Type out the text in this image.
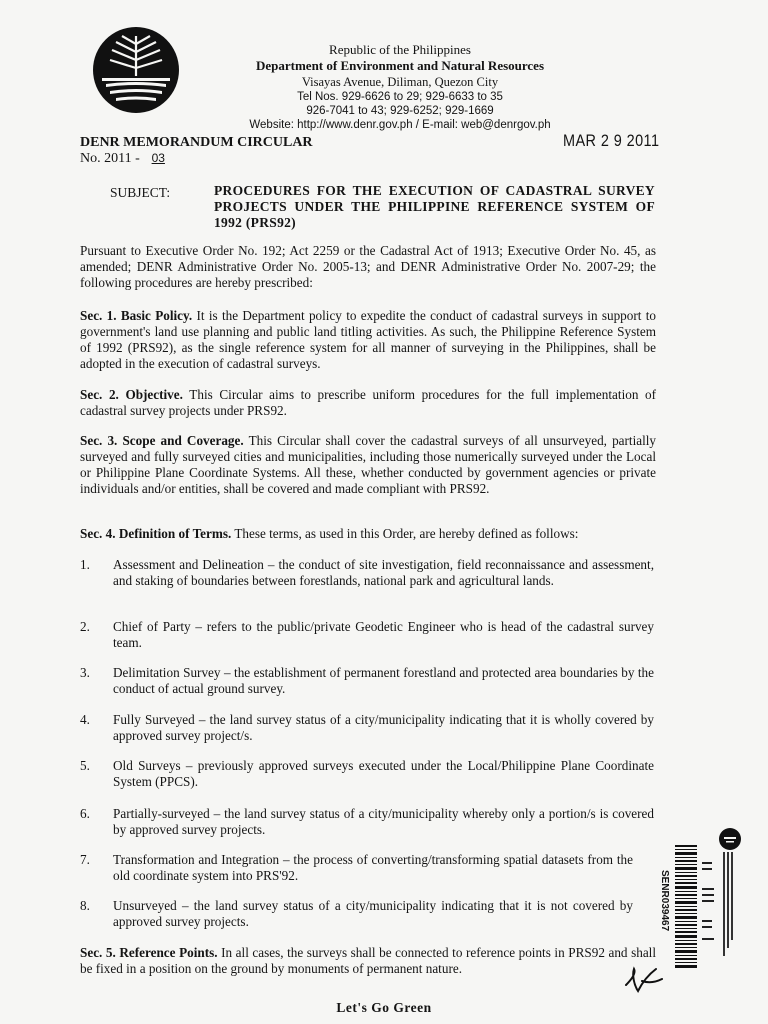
Republic of the Philippines
Department of Environment and Natural Resources
Visayas Avenue, Diliman, Quezon City
Tel Nos. 929-6626 to 29; 929-6633 to 35
926-7041 to 43; 929-6252; 929-1669
Website: http://www.denr.gov.ph / E-mail: web@denrgov.ph
DENR MEMORANDUM CIRCULAR
No. 2011 - 03
MAR 2 9 2011
SUBJECT:	PROCEDURES FOR THE EXECUTION OF CADASTRAL SURVEY PROJECTS UNDER THE PHILIPPINE REFERENCE SYSTEM OF 1992 (PRS92)
Pursuant to Executive Order No. 192; Act 2259 or the Cadastral Act of 1913; Executive Order No. 45, as amended; DENR Administrative Order No. 2005-13; and DENR Administrative Order No. 2007-29; the following procedures are hereby prescribed:
Sec. 1. Basic Policy. It is the Department policy to expedite the conduct of cadastral surveys in support to government's land use planning and public land titling activities. As such, the Philippine Reference System of 1992 (PRS92), as the single reference system for all manner of surveying in the Philippines, shall be adopted in the execution of cadastral surveys.
Sec. 2. Objective. This Circular aims to prescribe uniform procedures for the full implementation of cadastral survey projects under PRS92.
Sec. 3. Scope and Coverage. This Circular shall cover the cadastral surveys of all unsurveyed, partially surveyed and fully surveyed cities and municipalities, including those numerically surveyed under the Local or Philippine Plane Coordinate Systems. All these, whether conducted by government agencies or private individuals and/or entities, shall be covered and made compliant with PRS92.
Sec. 4. Definition of Terms. These terms, as used in this Order, are hereby defined as follows:
1. Assessment and Delineation – the conduct of site investigation, field reconnaissance and assessment, and staking of boundaries between forestlands, national park and agricultural lands.
2. Chief of Party – refers to the public/private Geodetic Engineer who is head of the cadastral survey team.
3. Delimitation Survey – the establishment of permanent forestland and protected area boundaries by the conduct of actual ground survey.
4. Fully Surveyed – the land survey status of a city/municipality indicating that it is wholly covered by approved survey project/s.
5. Old Surveys – previously approved surveys executed under the Local/Philippine Plane Coordinate System (PPCS).
6. Partially-surveyed – the land survey status of a city/municipality whereby only a portion/s is covered by approved survey projects.
7. Transformation and Integration – the process of converting/transforming spatial datasets from the old coordinate system into PRS'92.
8. Unsurveyed – the land survey status of a city/municipality indicating that it is not covered by approved survey projects.
Sec. 5. Reference Points. In all cases, the surveys shall be connected to reference points in PRS92 and shall be fixed in a position on the ground by monuments of permanent nature.
SENR039467
Let's Go Green
